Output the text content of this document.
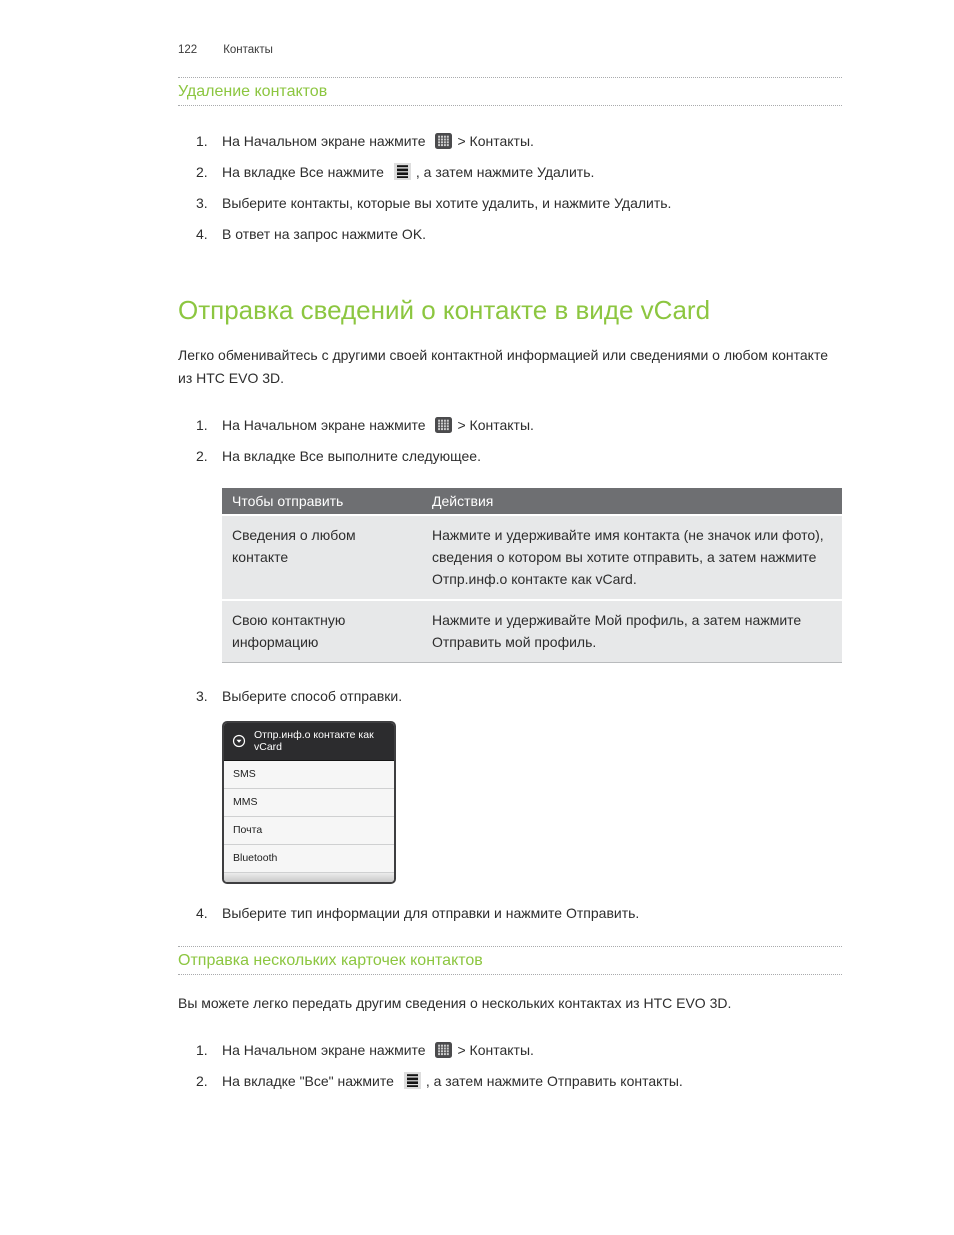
122 Контакты
Удаление контактов
1. На Начальном экране нажмите > Контакты.
2. На вкладке Все нажмите , а затем нажмите Удалить.
3. Выберите контакты, которые вы хотите удалить, и нажмите Удалить.
4. В ответ на запрос нажмите OK.
Отправка сведений о контакте в виде vCard

Легко обменивайтесь с другими своей контактной информацией или сведениями о любом контакте из HTC EVO 3D.

1. На Начальном экране нажмите > Контакты.
2. На вкладке Все выполните следующее.
Чтобы отправить	Действия
Сведения о любом контакте	Нажмите и удерживайте имя контакта (не значок или фото), сведения о котором вы хотите отправить, а затем нажмите Отпр.инф.о контакте как vCard.
Свою контактную информацию	Нажмите и удерживайте Мой профиль, а затем нажмите Отправить мой профиль.
3. Выберите способ отправки.
Отпр.инф.о контакте как vCard
SMS
MMS
Почта
Bluetooth
4. Выберите тип информации для отправки и нажмите Отправить.
Отправка нескольких карточек контактов

Вы можете легко передать другим сведения о нескольких контактах из HTC EVO 3D.

1. На Начальном экране нажмите > Контакты.
2. На вкладке "Все" нажмите , а затем нажмите Отправить контакты.
